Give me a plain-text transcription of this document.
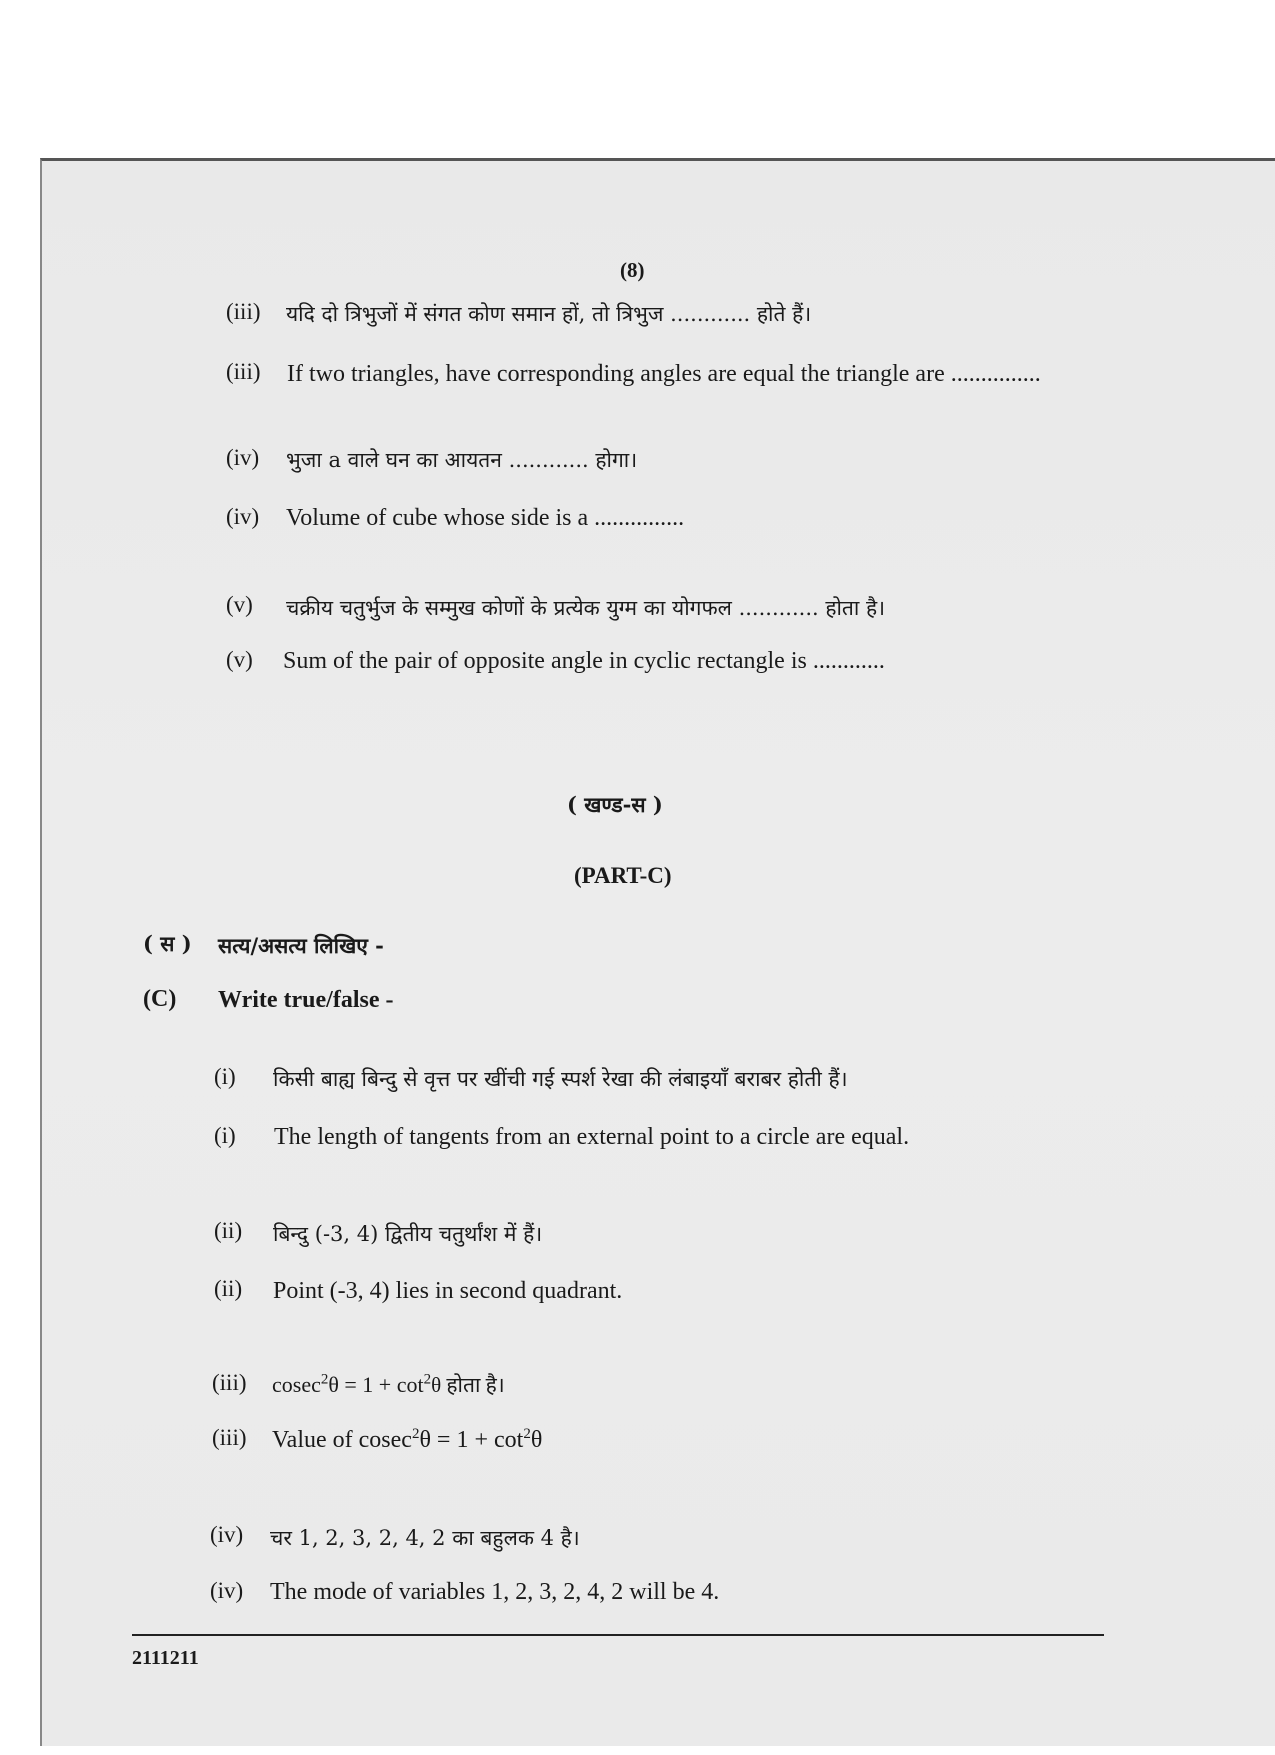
(8)
(iii) यदि दो त्रिभुजों में संगत कोण समान हों, तो त्रिभुज ............ होते हैं।
(iii) If two triangles, have corresponding angles are equal the triangle are ...............
(iv) भुजा a वाले घन का आयतन ............ होगा।
(iv) Volume of cube whose side is a ...............
(v) चक्रीय चतुर्भुज के सम्मुख कोणों के प्रत्येक युग्म का योगफल ............ होता है।
(v) Sum of the pair of opposite angle in cyclic rectangle is ............
( खण्ड-स )
(PART-C)
( स ) सत्य/असत्य लिखिए -
(C) Write true/false -
(i) किसी बाह्य बिन्दु से वृत्त पर खींची गई स्पर्श रेखा की लंबाइयाँ बराबर होती हैं।
(i) The length of tangents from an external point to a circle are equal.
(ii) बिन्दु (-3, 4) द्वितीय चतुर्थांश में हैं।
(ii) Point (-3, 4) lies in second quadrant.
(iii) $cosec^2\theta = 1 + \cot^2\theta$ होता है।
(iii) Value of $cosec^2\theta = 1 + \cot^2\theta$
(iv) चर 1, 2, 3, 2, 4, 2 का बहुलक 4 है।
(iv) The mode of variables 1, 2, 3, 2, 4, 2 will be 4.
2111211
